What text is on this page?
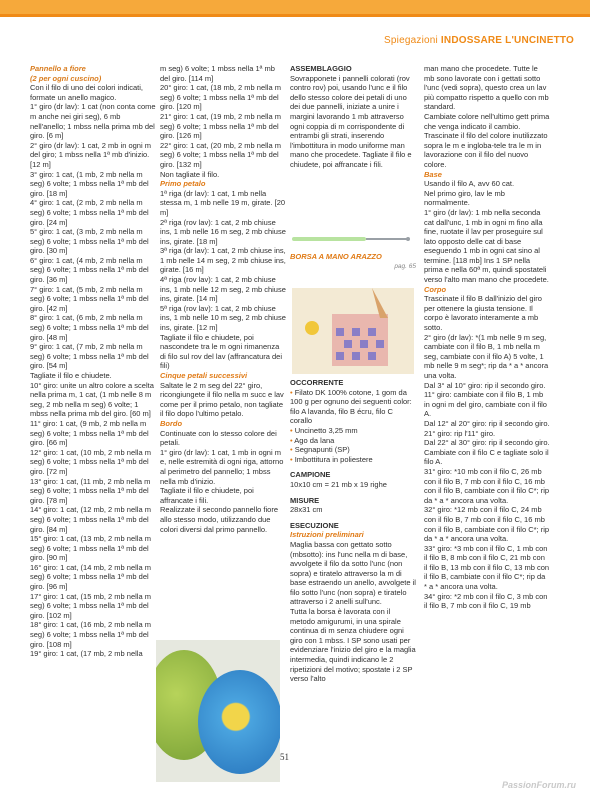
Spiegazioni INDOSSARE L'UNCINETTO

Pannello a fiore

(2 per ogni cuscino)

Con il filo di uno dei colori indicati, formate un anello magico.

1° giro (dr lav): 1 cat (non conta come m anche nei giri seg), 6 mb nell'anello; 1 mbss nella prima mb del giro. [6 m]

2° giro (dr lav): 1 cat, 2 mb in ogni m del giro; 1 mbss nella 1ª mb d'inizio. [12 m]

3° giro: 1 cat, (1 mb, 2 mb nella m seg) 6 volte; 1 mbss nella 1ª mb del giro. [18 m]

4° giro: 1 cat, (2 mb, 2 mb nella m seg) 6 volte; 1 mbss nella 1ª mb del giro. [24 m]

5° giro: 1 cat, (3 mb, 2 mb nella m seg) 6 volte; 1 mbss nella 1ª mb del giro. [30 m]

6° giro: 1 cat, (4 mb, 2 mb nella m seg) 6 volte; 1 mbss nella 1ª mb del giro. [36 m]

7° giro: 1 cat, (5 mb, 2 mb nella m seg) 6 volte; 1 mbss nella 1ª mb del giro. [42 m]

8° giro: 1 cat, (6 mb, 2 mb nella m seg) 6 volte; 1 mbss nella 1ª mb del giro. [48 m]

9° giro: 1 cat, (7 mb, 2 mb nella m seg) 6 volte; 1 mbss nella 1ª mb del giro. [54 m]

Tagliate il filo e chiudete.

10° giro: unite un altro colore a scelta nella prima m, 1 cat, (1 mb nelle 8 m seg, 2 mb nella m seg) 6 volte; 1 mbss nella prima mb del giro. [60 m]

11° giro: 1 cat, (9 mb, 2 mb nella m seg) 6 volte; 1 mbss nella 1ª mb del giro. [66 m]

12° giro: 1 cat, (10 mb, 2 mb nella m seg) 6 volte; 1 mbss nella 1ª mb del giro. [72 m]

13° giro: 1 cat, (11 mb, 2 mb nella m seg) 6 volte; 1 mbss nella 1ª mb del giro. [78 m]

14° giro: 1 cat, (12 mb, 2 mb nella m seg) 6 volte; 1 mbss nella 1ª mb del giro. [84 m]

15° giro: 1 cat, (13 mb, 2 mb nella m seg) 6 volte; 1 mbss nella 1ª mb del giro. [90 m]

16° giro: 1 cat, (14 mb, 2 mb nella m seg) 6 volte; 1 mbss nella 1ª mb del giro. [96 m]

17° giro: 1 cat, (15 mb, 2 mb nella m seg) 6 volte; 1 mbss nella 1ª mb del giro. [102 m]

18° giro: 1 cat, (16 mb, 2 mb nella m seg) 6 volte; 1 mbss nella 1ª mb del giro. [108 m]

19° giro: 1 cat, (17 mb, 2 mb nella

m seg) 6 volte; 1 mbss nella 1ª mb del giro. [114 m]

20° giro: 1 cat, (18 mb, 2 mb nella m seg) 6 volte; 1 mbss nella 1ª mb del giro. [120 m]

21° giro: 1 cat, (19 mb, 2 mb nella m seg) 6 volte; 1 mbss nella 1ª mb del giro. [126 m]

22° giro: 1 cat, (20 mb, 2 mb nella m seg) 6 volte; 1 mbss nella 1ª mb del giro. [132 m]

Non tagliate il filo.

Primo petalo

1ª riga (dr lav): 1 cat, 1 mb nella stessa m, 1 mb nelle 19 m, girate. [20 m]

2ª riga (rov lav): 1 cat, 2 mb chiuse ins, 1 mb nelle 16 m seg, 2 mb chiuse ins, girate. [18 m]

3ª riga (dr lav): 1 cat, 2 mb chiuse ins, 1 mb nelle 14 m seg, 2 mb chiuse ins, girate. [16 m]

4ª riga (rov lav): 1 cat, 2 mb chiuse ins, 1 mb nelle 12 m seg, 2 mb chiuse ins, girate. [14 m]

5ª riga (rov lav): 1 cat, 2 mb chiuse ins, 1 mb nelle 10 m seg, 2 mb chiuse ins, girate. [12 m]

Tagliate il filo e chiudete, poi nascondete tra le m ogni rimanenza di filo sul rov del lav (affrancatura dei fili)

Cinque petali successivi

Saltate le 2 m seg del 22° giro, ricongiungete il filo nella m succ e lav come per il primo petalo, non tagliate il filo dopo l'ultimo petalo.

Bordo

Continuate con lo stesso colore dei petali.

1° giro (dr lav): 1 cat, 1 mb in ogni m e, nelle estremità di ogni riga, attorno al perimetro del pannello; 1 mbss nella mb d'inizio.

Tagliate il filo e chiudete, poi affrancate i fili.

Realizzate il secondo pannello fiore allo stesso modo, utilizzando due colori diversi dal primo pannello.

ASSEMBLAGGIO

Sovrapponete i pannelli colorati (rov contro rov) poi, usando l'unc e il filo dello stesso colore dei petali di uno dei due pannelli, iniziate a unire i margini lavorando 1 mb attraverso ogni coppia di m corrispondente di entrambi gli strati, inserendo l'imbottitura in modo uniforme man mano che procedete. Tagliate il filo e chiudete, poi affrancate i fili.

BORSA A MANO ARAZZO

pag. 65

OCCORRENTE

• Filato DK 100% cotone, 1 gom da 100 g per ognuno dei seguenti color: filo A lavanda, filo B écru, filo C corallo

• Uncinetto 3,25 mm

• Ago da lana

• Segnapunti (SP)

• Imbottitura in poliestere

CAMPIONE

10x10 cm = 21 mb x 19 righe

MISURE

28x31 cm

ESECUZIONE

Istruzioni preliminari

Maglia bassa con gettato sotto (mbsotto): ins l'unc nella m di base, avvolgete il filo da sotto l'unc (non sopra) e tiratelo attraverso la m di base estraendo un anello, avvolgete il filo sotto l'unc (non sopra) e tiratelo attraverso i 2 anelli sull'unc.

Tutta la borsa è lavorata con il metodo amigurumi, in una spirale continua di m senza chiudere ogni giro con 1 mbss. I SP sono usati per evidenziare l'inizio del giro e la maglia intermedia, quindi indicano le 2 ripetizioni del motivo; spostate i 2 SP verso l'alto

man mano che procedete. Tutte le mb sono lavorate con i gettati sotto l'unc (vedi sopra), questo crea un lav più compatto rispetto a quello con mb standard.

Cambiate colore nell'ultimo gett prima che venga indicato il cambio. Trascinate il filo del colore inutilizzato sopra le m e ingloba-tele tra le m in lavorazione con il filo del nuovo colore.

Base

Usando il filo A, avv 60 cat.

Nel primo giro, lav le mb normalmente.

1° giro (dr lav): 1 mb nella seconda cat dall'unc, 1 mb in ogni m fino alla fine, ruotate il lav per proseguire sul lato opposto delle cat di base eseguendo 1 mb in ogni cat sino al termine. [118 mb] Ins 1 SP nella prima e nella 60ª m, quindi spostateli verso l'alto man mano che procedete.

Corpo

Trascinate il filo B dall'inizio del giro per ottenere la giusta tensione. Il corpo è lavorato interamente a mb sotto.

2° giro (dr lav): *(1 mb nelle 9 m seg, cambiate con il filo B, 1 mb nella m seg, cambiate con il filo A) 5 volte, 1 mb nelle 9 m seg*; rip da * a * ancora una volta.

Dal 3° al 10° giro: rip il secondo giro.

11° giro: cambiate con il filo B, 1 mb in ogni m del giro, cambiate con il filo A.

Dal 12° al 20° giro: rip il secondo giro.

21° giro: rip l'11° giro.

Dal 22° al 30° giro: rip il secondo giro.

Cambiate con il filo C e tagliate solo il filo A.

31° giro: *10 mb con il filo C, 26 mb con il filo B, 7 mb con il filo C, 16 mb con il filo B, cambiate con il filo C*; rip da * a * ancora una volta.

32° giro: *12 mb con il filo C, 24 mb con il filo B, 7 mb con il filo C, 16 mb con il filo B, cambiate con il filo C*; rip da * a * ancora una volta.

33° giro: *3 mb con il filo C, 1 mb con il filo B, 8 mb con il filo C, 21 mb con il filo B, 13 mb con il filo C, 13 mb con il filo B, cambiate con il filo C*; rip da * a * ancora una volta.

34° giro: *2 mb con il filo C, 3 mb con il filo B, 7 mb con il filo C, 19 mb

51
PassionForum.ru
